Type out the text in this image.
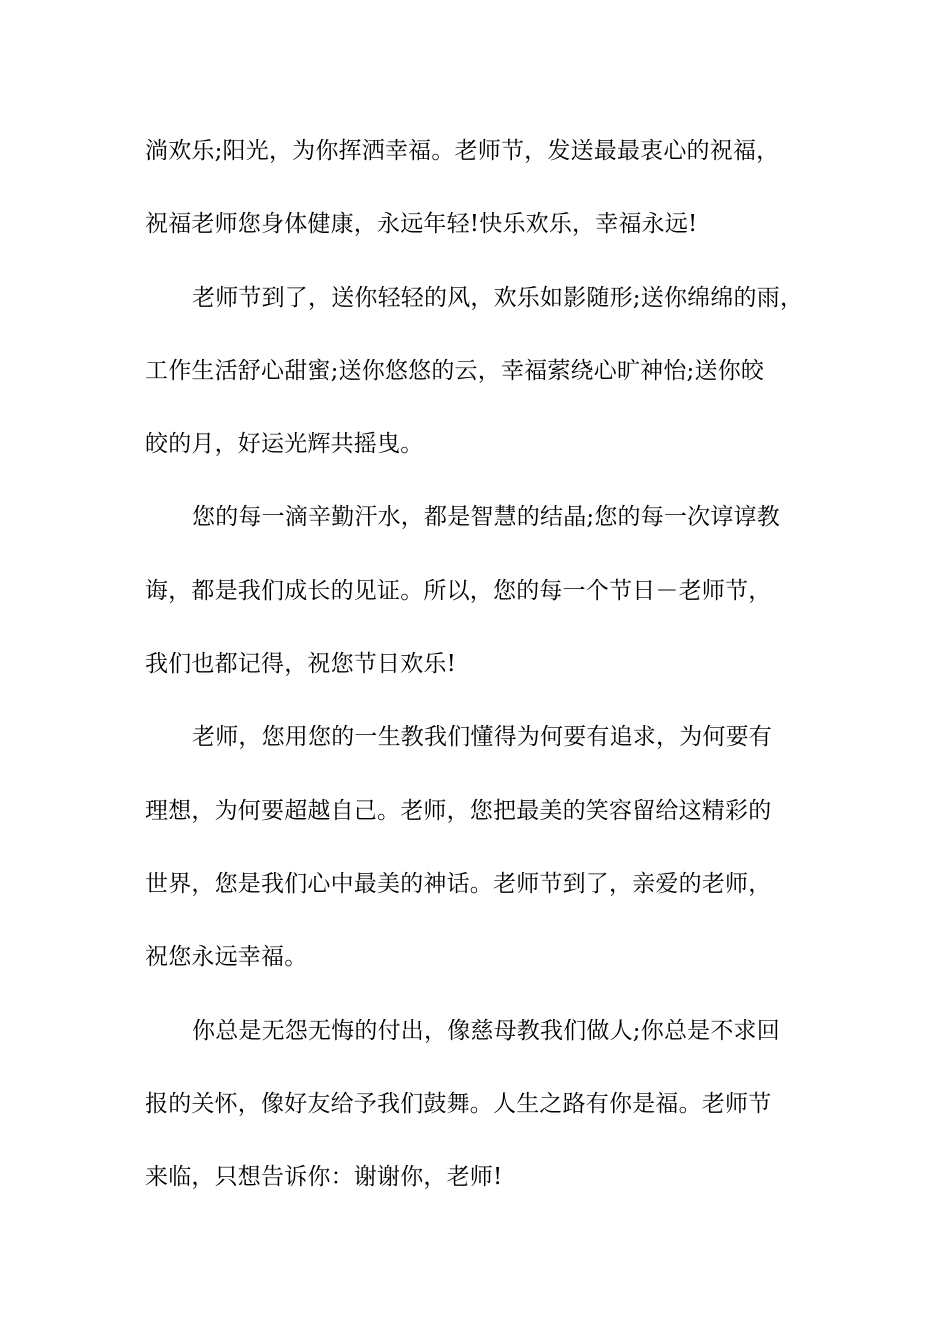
淌欢乐;阳光，为你挥洒幸福。老师节，发送最最衷心的祝福，
祝福老师您身体健康，永远年轻!快乐欢乐，幸福永远!
老师节到了，送你轻轻的风，欢乐如影随形;送你绵绵的雨，
工作生活舒心甜蜜;送你悠悠的云，幸福萦绕心旷神怡;送你皎
皎的月，好运光辉共摇曳。
您的每一滴辛勤汗水，都是智慧的结晶;您的每一次谆谆教
诲，都是我们成长的见证。所以，您的每一个节日－老师节，
我们也都记得，祝您节日欢乐!
老师，您用您的一生教我们懂得为何要有追求，为何要有
理想，为何要超越自己。老师，您把最美的笑容留给这精彩的
世界，您是我们心中最美的神话。老师节到了，亲爱的老师，
祝您永远幸福。
你总是无怨无悔的付出，像慈母教我们做人;你总是不求回
报的关怀，像好友给予我们鼓舞。人生之路有你是福。老师节
来临，只想告诉你：谢谢你，老师!
